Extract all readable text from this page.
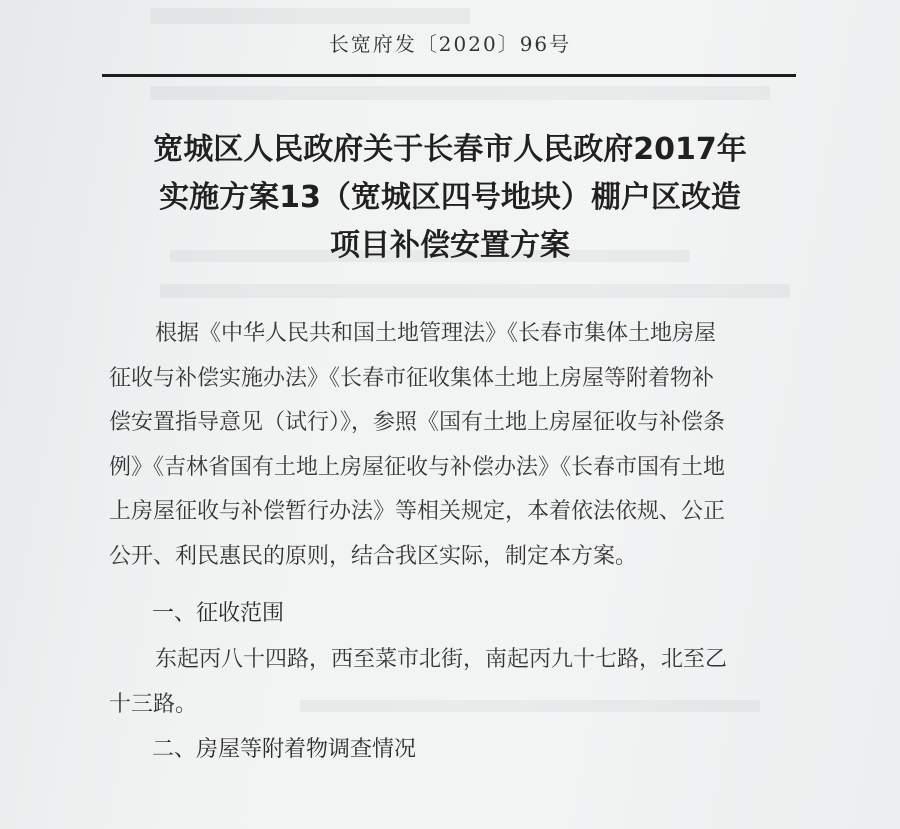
长宽府发〔2020〕96号
宽城区人民政府关于长春市人民政府2017年
实施方案13（宽城区四号地块）棚户区改造
项目补偿安置方案
根据《中华人民共和国土地管理法》《长春市集体土地房屋
征收与补偿实施办法》《长春市征收集体土地上房屋等附着物补
偿安置指导意见（试行）》，参照《国有土地上房屋征收与补偿条
例》《吉林省国有土地上房屋征收与补偿办法》《长春市国有土地
上房屋征收与补偿暂行办法》等相关规定，本着依法依规、公正
公开、利民惠民的原则，结合我区实际，制定本方案。
一、征收范围
东起丙八十四路，西至菜市北街，南起丙九十七路，北至乙
十三路。
二、房屋等附着物调查情况
